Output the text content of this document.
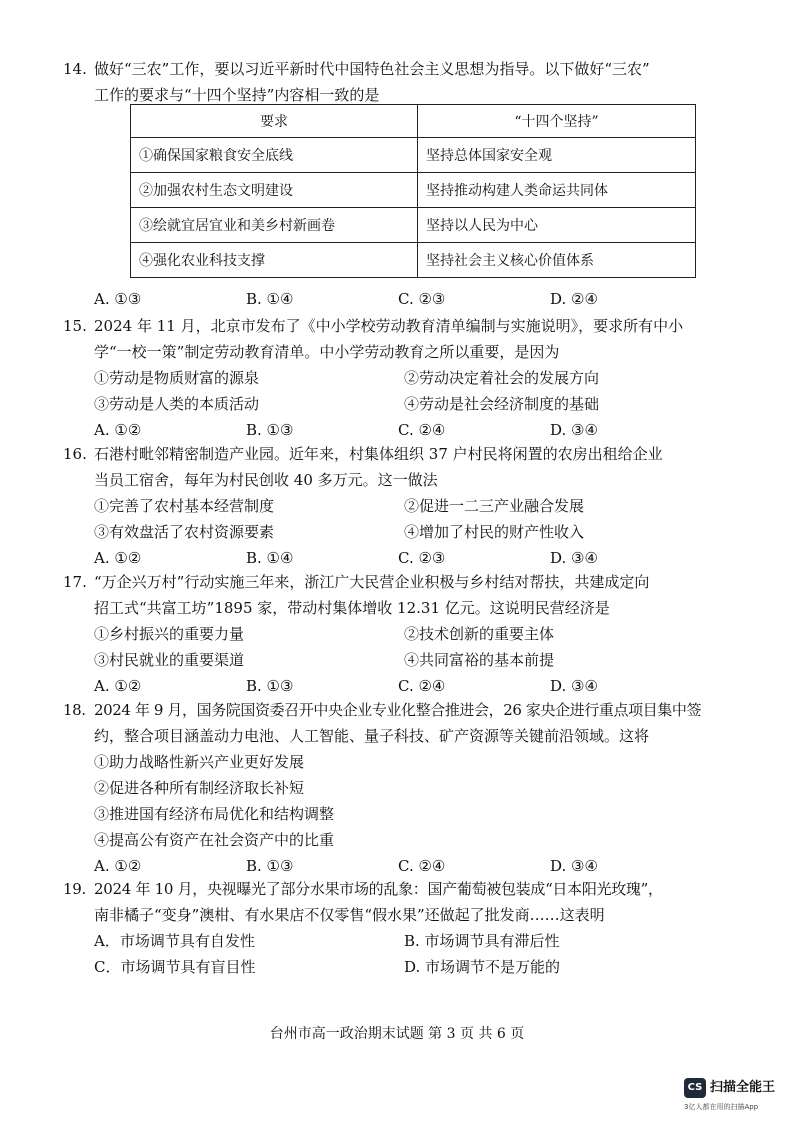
14. 做好“三农”工作，要以习近平新时代中国特色社会主义思想为指导。以下做好“三农”
工作的要求与“十四个坚持”内容相一致的是
要求	“十四个坚持”
①确保国家粮食安全底线	坚持总体国家安全观
②加强农村生态文明建设	坚持推动构建人类命运共同体
③绘就宜居宜业和美乡村新画卷	坚持以人民为中心
④强化农业科技支撑	坚持社会主义核心价值体系
A. ①③	B. ①④	C. ②③	D. ②④
15. 2024 年 11 月，北京市发布了《中小学校劳动教育清单编制与实施说明》，要求所有中小
学“一校一策”制定劳动教育清单。中小学劳动教育之所以重要，是因为
①劳动是物质财富的源泉	②劳动决定着社会的发展方向
③劳动是人类的本质活动	④劳动是社会经济制度的基础
A. ①②	B. ①③	C. ②④	D. ③④
16. 石港村毗邻精密制造产业园。近年来，村集体组织 37 户村民将闲置的农房出租给企业
当员工宿舍，每年为村民创收 40 多万元。这一做法
①完善了农村基本经营制度	②促进一二三产业融合发展
③有效盘活了农村资源要素	④增加了村民的财产性收入
A. ①②	B. ①④	C. ②③	D. ③④
17. “万企兴万村”行动实施三年来，浙江广大民营企业积极与乡村结对帮扶，共建成定向
招工式“共富工坊”1895 家，带动村集体增收 12.31 亿元。这说明民营经济是
①乡村振兴的重要力量	②技术创新的重要主体
③村民就业的重要渠道	④共同富裕的基本前提
A. ①②	B. ①③	C. ②④	D. ③④
18. 2024 年 9 月，国务院国资委召开中央企业专业化整合推进会，26 家央企进行重点项目集中签
约，整合项目涵盖动力电池、人工智能、量子科技、矿产资源等关键前沿领域。这将
①助力战略性新兴产业更好发展
②促进各种所有制经济取长补短
③推进国有经济布局优化和结构调整
④提高公有资产在社会资产中的比重
A. ①②	B. ①③	C. ②④	D. ③④
19. 2024 年 10 月，央视曝光了部分水果市场的乱象：国产葡萄被包装成“日本阳光玫瑰”，
南非橘子“变身”澳柑、有水果店不仅零售“假水果”还做起了批发商……这表明
A．市场调节具有自发性	B. 市场调节具有滞后性
C．市场调节具有盲目性	D. 市场调节不是万能的
台州市高一政治期末试题 第 3 页 共 6 页
CS 扫描全能王
3亿人都在用的扫描App
